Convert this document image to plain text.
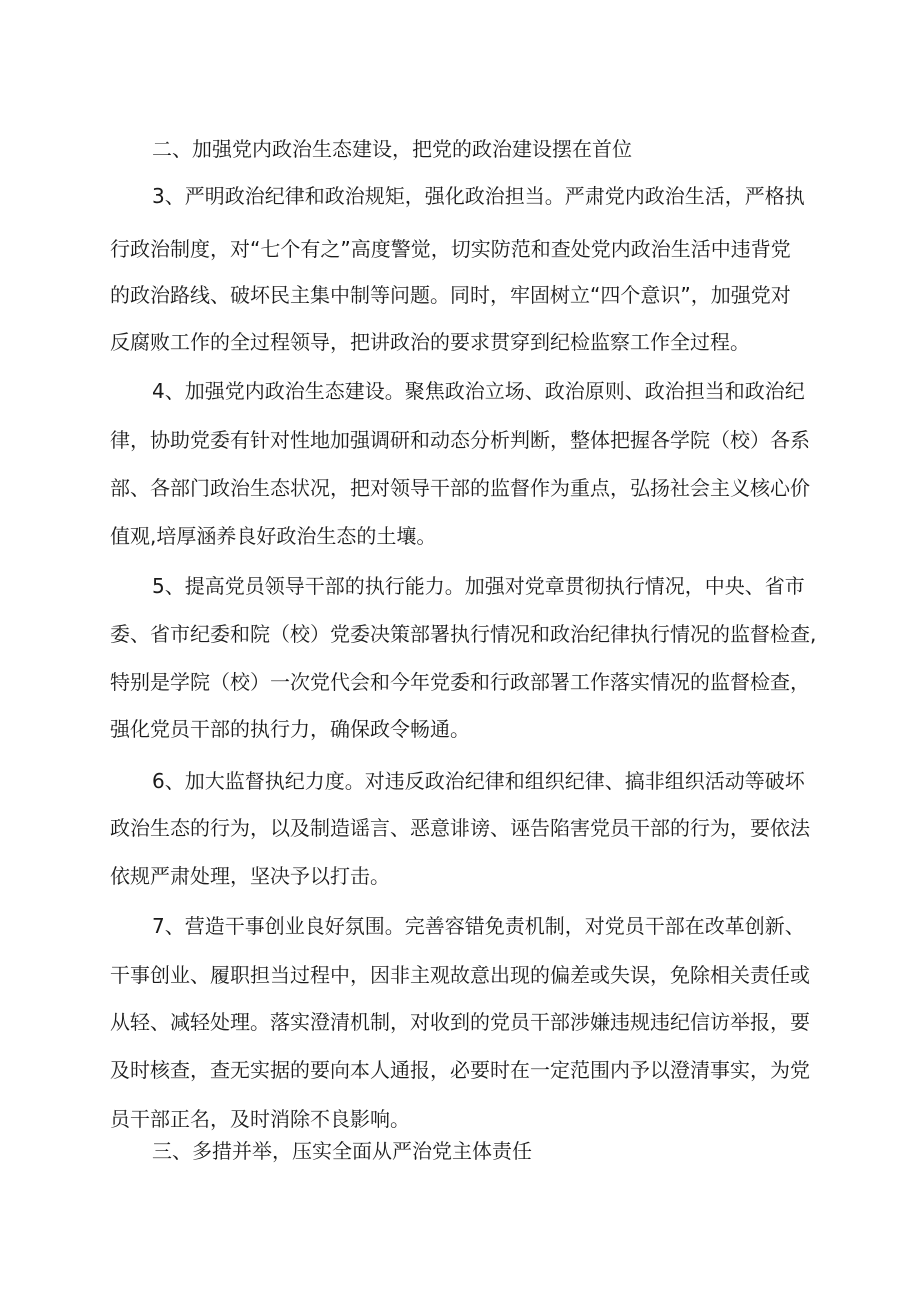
二、加强党内政治生态建设，把党的政治建设摆在首位
3、严明政治纪律和政治规矩，强化政治担当。严肃党内政治生活，严格执
行政治制度，对“七个有之”高度警觉，切实防范和查处党内政治生活中违背党
的政治路线、破坏民主集中制等问题。同时，牢固树立“四个意识”，加强党对
反腐败工作的全过程领导，把讲政治的要求贯穿到纪检监察工作全过程。
4、加强党内政治生态建设。聚焦政治立场、政治原则、政治担当和政治纪
律，协助党委有针对性地加强调研和动态分析判断，整体把握各学院（校）各系
部、各部门政治生态状况，把对领导干部的监督作为重点，弘扬社会主义核心价
值观,培厚涵养良好政治生态的土壤。
5、提高党员领导干部的执行能力。加强对党章贯彻执行情况，中央、省市
委、省市纪委和院（校）党委决策部署执行情况和政治纪律执行情况的监督检查,
特别是学院（校）一次党代会和今年党委和行政部署工作落实情况的监督检查，
强化党员干部的执行力，确保政令畅通。
6、加大监督执纪力度。对违反政治纪律和组织纪律、搞非组织活动等破坏
政治生态的行为，以及制造谣言、恶意诽谤、诬告陷害党员干部的行为，要依法
依规严肃处理，坚决予以打击。
7、营造干事创业良好氛围。完善容错免责机制，对党员干部在改革创新、
干事创业、履职担当过程中，因非主观故意出现的偏差或失误，免除相关责任或
从轻、减轻处理。落实澄清机制，对收到的党员干部涉嫌违规违纪信访举报，要
及时核查，查无实据的要向本人通报，必要时在一定范围内予以澄清事实，为党
员干部正名，及时消除不良影响。
三、多措并举，压实全面从严治党主体责任
